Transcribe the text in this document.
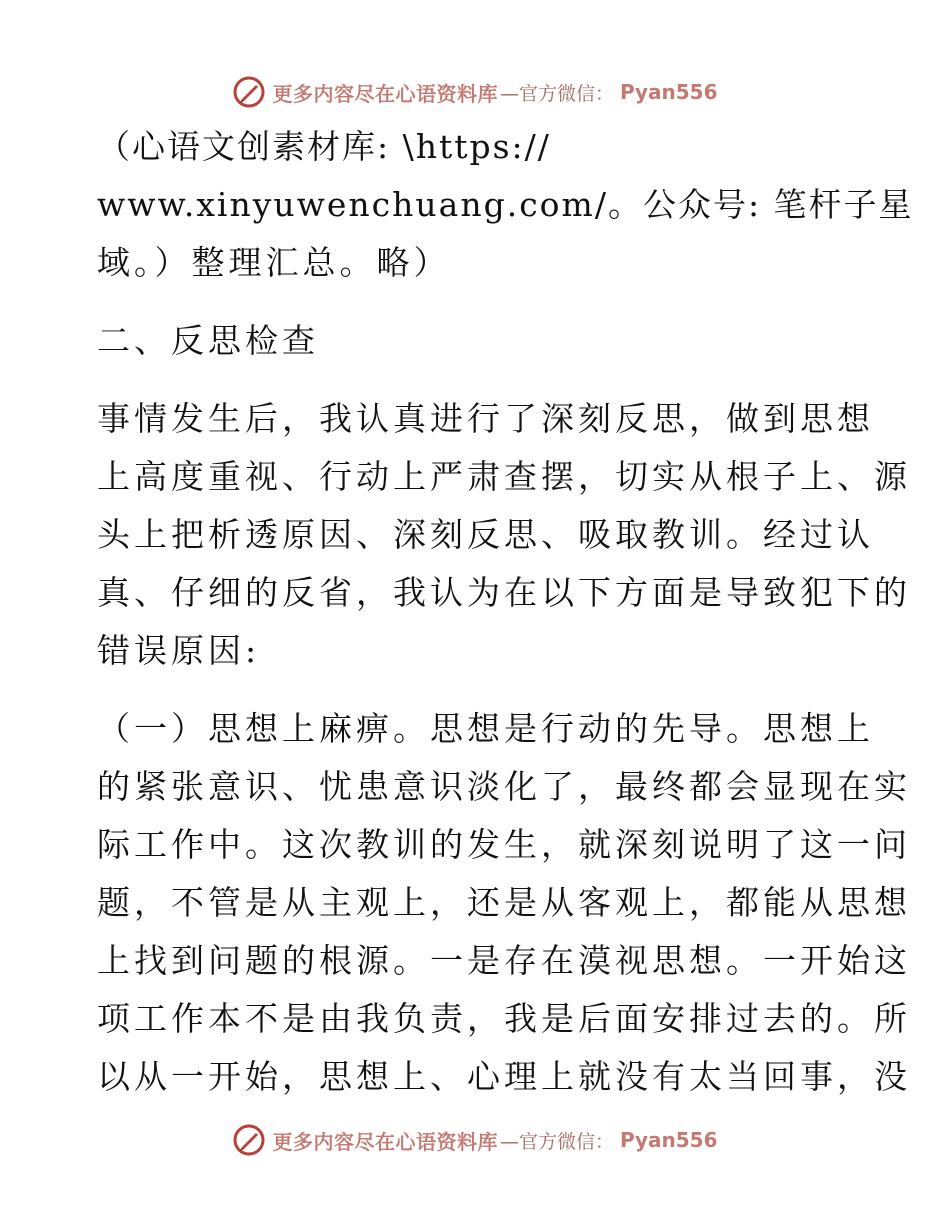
更多内容尽在心语资料库 —官方微信： Pyan556

（心语文创素材库: \https://

www.xinyuwenchuang.com/。公众号: 笔杆子星

域。）整理汇总。略）

二、反思检查

事情发生后，我认真进行了深刻反思，做到思想

上高度重视、行动上严肃查摆，切实从根子上、源

头上把析透原因、深刻反思、吸取教训。经过认

真、仔细的反省，我认为在以下方面是导致犯下的

错误原因:

（一）思想上麻痹。思想是行动的先导。思想上

的紧张意识、忧患意识淡化了，最终都会显现在实

际工作中。这次教训的发生，就深刻说明了这一问

题，不管是从主观上，还是从客观上，都能从思想

上找到问题的根源。一是存在漠视思想。一开始这

项工作本不是由我负责，我是后面安排过去的。所

以从一开始，思想上、心理上就没有太当回事，没

更多内容尽在心语资料库 —官方微信： Pyan556
